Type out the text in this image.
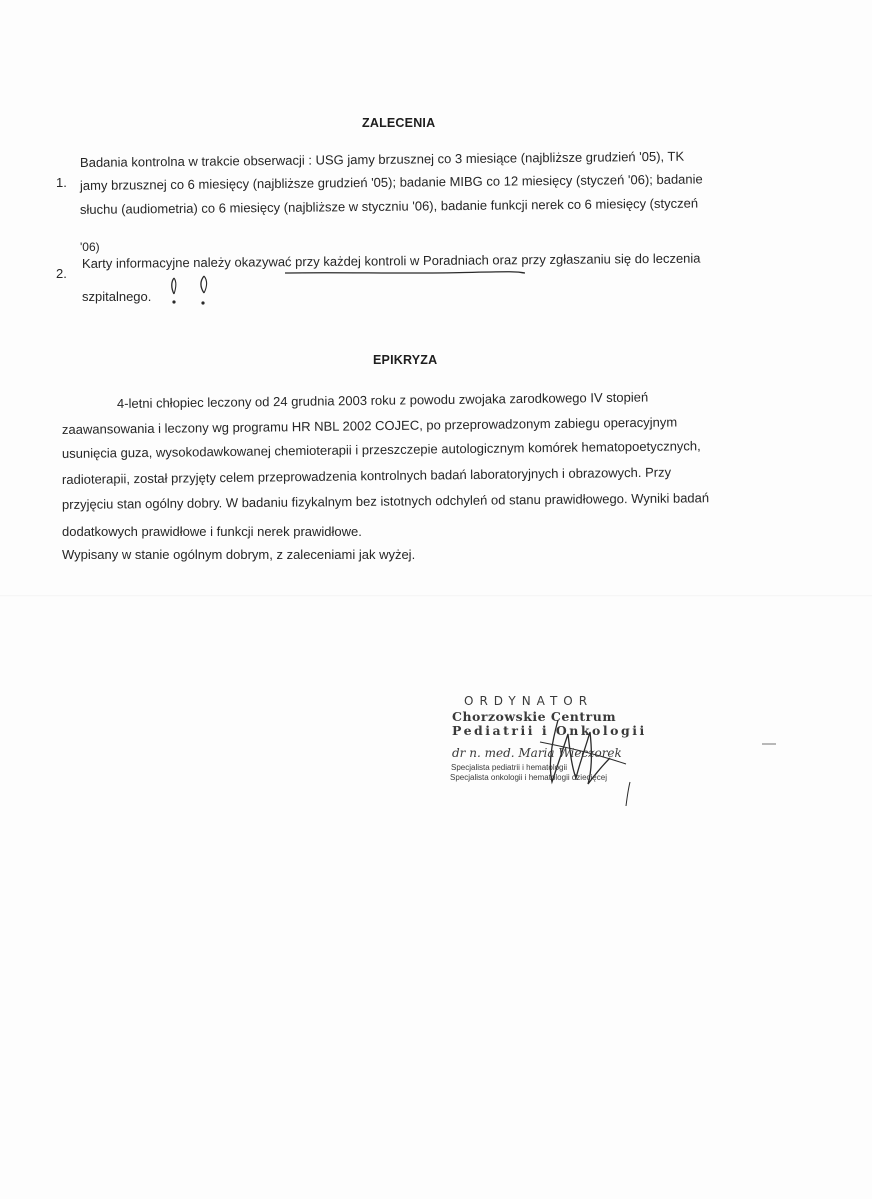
ZALECENIA
1.
Badania kontrolna w trakcie obserwacji : USG jamy brzusznej co 3 miesiące (najbliższe grudzień '05), TK
jamy brzusznej co 6 miesięcy (najbliższe grudzień '05); badanie MIBG co 12 miesięcy (styczeń '06); badanie
słuchu (audiometria) co 6 miesięcy (najbliższe w styczniu '06), badanie funkcji nerek co 6 miesięcy (styczeń
'06)
2.
Karty informacyjne należy okazywać przy każdej kontroli w Poradniach oraz przy zgłaszaniu się do leczenia
szpitalnego.
EPIKRYZA
4-letni chłopiec leczony od 24 grudnia 2003 roku z powodu zwojaka zarodkowego IV stopień
zaawansowania i leczony wg programu HR NBL 2002 COJEC, po przeprowadzonym zabiegu operacyjnym
usunięcia guza, wysokodawkowanej chemioterapii i przeszczepie autologicznym komórek hematopoetycznych,
radioterapii, został przyjęty celem przeprowadzenia kontrolnych badań laboratoryjnych i obrazowych. Przy
przyjęciu stan ogólny dobry. W badaniu fizykalnym bez istotnych odchyleń od stanu prawidłowego. Wyniki badań
dodatkowych prawidłowe i funkcji nerek prawidłowe.
Wypisany w stanie ogólnym dobrym, z zaleceniami jak wyżej.
ORDYNATOR
Chorzowskie Centrum
Pediatrii i Onkologii
dr n. med. Maria Wieczorek
Specjalista pediatrii i hematologii
Specjalista onkologii i hematologii dziecięcej
